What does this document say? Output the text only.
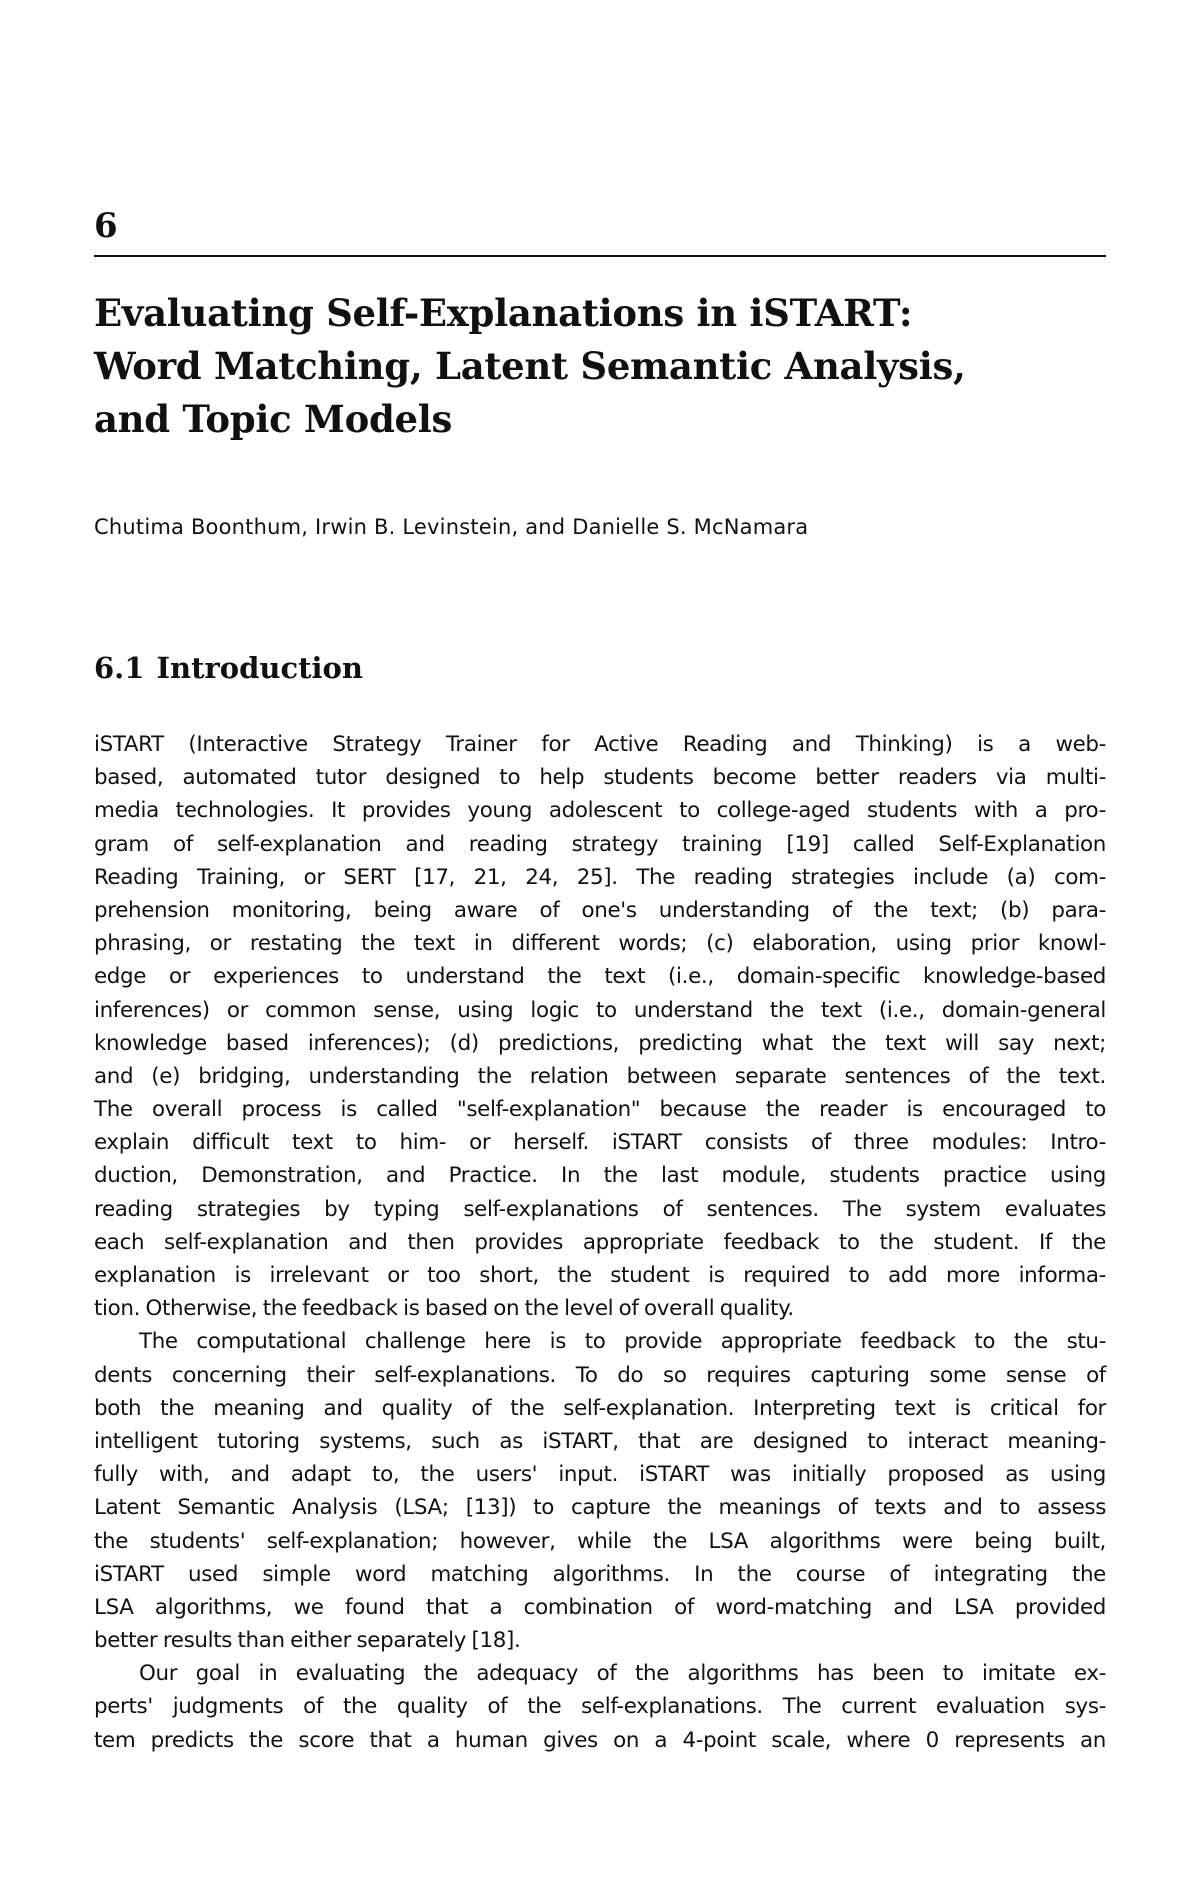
6
Evaluating Self-Explanations in iSTART:
Word Matching, Latent Semantic Analysis,
and Topic Models
Chutima Boonthum, Irwin B. Levinstein, and Danielle S. McNamara
6.1 Introduction
iSTART (Interactive Strategy Trainer for Active Reading and Thinking) is a web-
based, automated tutor designed to help students become better readers via multi-
media technologies. It provides young adolescent to college-aged students with a pro-
gram of self-explanation and reading strategy training [19] called Self-Explanation
Reading Training, or SERT [17, 21, 24, 25]. The reading strategies include (a) com-
prehension monitoring, being aware of one's understanding of the text; (b) para-
phrasing, or restating the text in different words; (c) elaboration, using prior knowl-
edge or experiences to understand the text (i.e., domain-specific knowledge-based
inferences) or common sense, using logic to understand the text (i.e., domain-general
knowledge based inferences); (d) predictions, predicting what the text will say next;
and (e) bridging, understanding the relation between separate sentences of the text.
The overall process is called "self-explanation" because the reader is encouraged to
explain difficult text to him- or herself. iSTART consists of three modules: Intro-
duction, Demonstration, and Practice. In the last module, students practice using
reading strategies by typing self-explanations of sentences. The system evaluates
each self-explanation and then provides appropriate feedback to the student. If the
explanation is irrelevant or too short, the student is required to add more informa-
tion. Otherwise, the feedback is based on the level of overall quality.
The computational challenge here is to provide appropriate feedback to the stu-
dents concerning their self-explanations. To do so requires capturing some sense of
both the meaning and quality of the self-explanation. Interpreting text is critical for
intelligent tutoring systems, such as iSTART, that are designed to interact meaning-
fully with, and adapt to, the users' input. iSTART was initially proposed as using
Latent Semantic Analysis (LSA; [13]) to capture the meanings of texts and to assess
the students' self-explanation; however, while the LSA algorithms were being built,
iSTART used simple word matching algorithms. In the course of integrating the
LSA algorithms, we found that a combination of word-matching and LSA provided
better results than either separately [18].
Our goal in evaluating the adequacy of the algorithms has been to imitate ex-
perts' judgments of the quality of the self-explanations. The current evaluation sys-
tem predicts the score that a human gives on a 4-point scale, where 0 represents an
